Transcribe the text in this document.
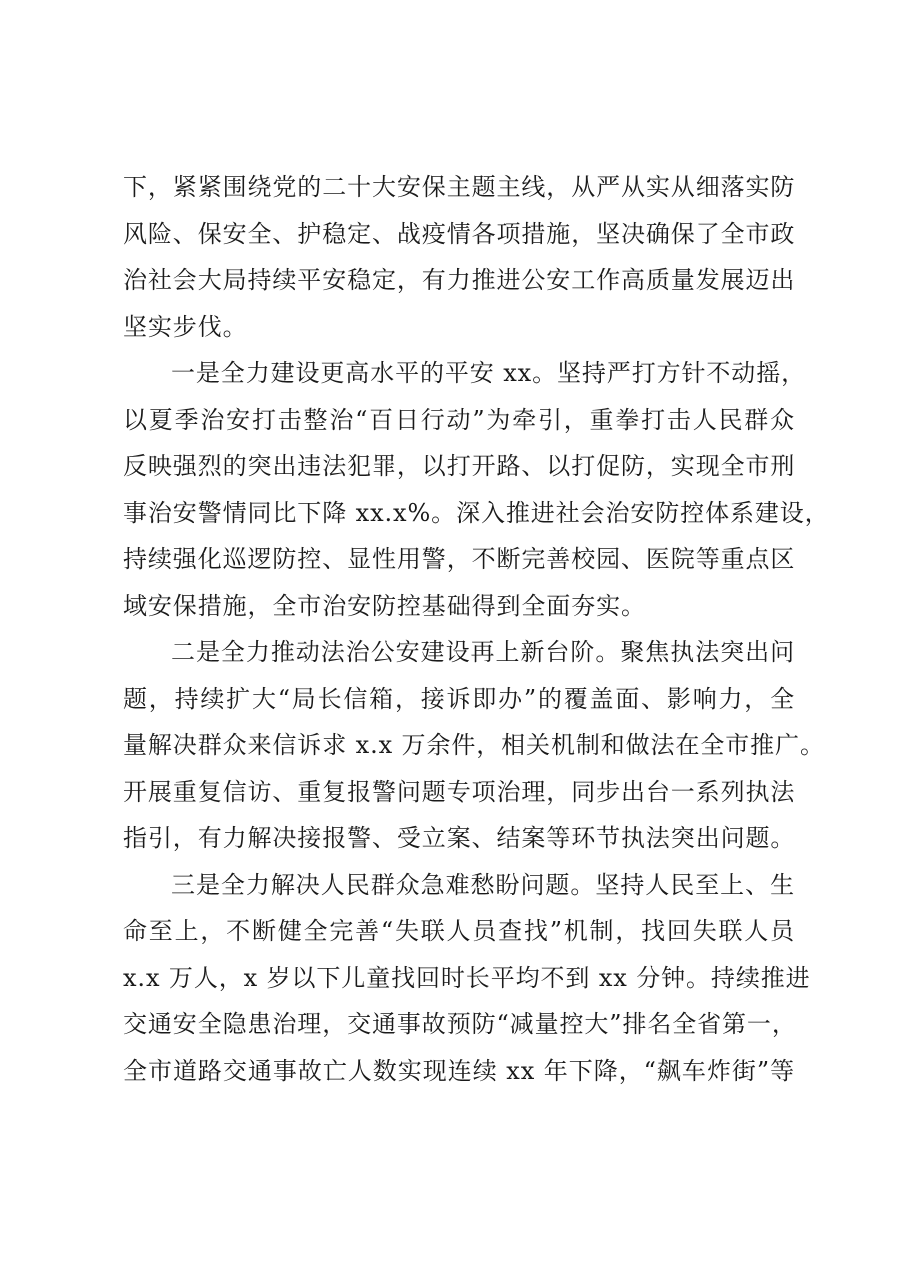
下，紧紧围绕党的二十大安保主题主线，从严从实从细落实防
风险、保安全、护稳定、战疫情各项措施，坚决确保了全市政
治社会大局持续平安稳定，有力推进公安工作高质量发展迈出
坚实步伐。
一是全力建设更高水平的平安 xx。坚持严打方针不动摇，
以夏季治安打击整治“百日行动”为牵引，重拳打击人民群众
反映强烈的突出违法犯罪，以打开路、以打促防，实现全市刑
事治安警情同比下降 xx.x%。深入推进社会治安防控体系建设，
持续强化巡逻防控、显性用警，不断完善校园、医院等重点区
域安保措施，全市治安防控基础得到全面夯实。
二是全力推动法治公安建设再上新台阶。聚焦执法突出问
题，持续扩大“局长信箱，接诉即办”的覆盖面、影响力，全
量解决群众来信诉求 x.x 万余件，相关机制和做法在全市推广。
开展重复信访、重复报警问题专项治理，同步出台一系列执法
指引，有力解决接报警、受立案、结案等环节执法突出问题。
三是全力解决人民群众急难愁盼问题。坚持人民至上、生
命至上，不断健全完善“失联人员查找”机制，找回失联人员
x.x 万人，x 岁以下儿童找回时长平均不到 xx 分钟。持续推进
交通安全隐患治理，交通事故预防“减量控大”排名全省第一，
全市道路交通事故亡人数实现连续 xx 年下降，“飙车炸街”等
